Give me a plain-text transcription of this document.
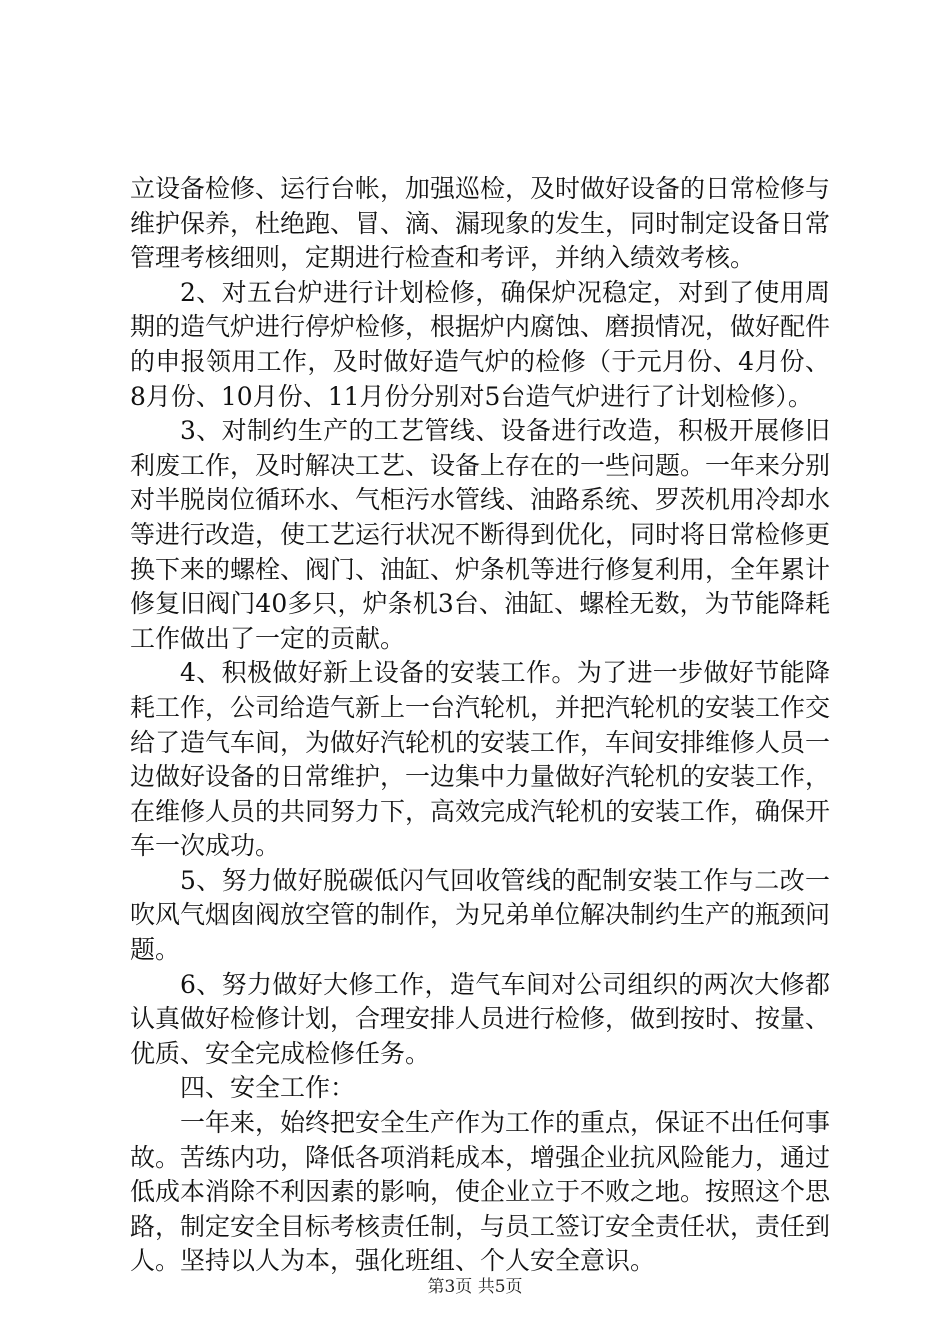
立设备检修、运行台帐，加强巡检，及时做好设备的日常检修与维护保养，杜绝跑、冒、滴、漏现象的发生，同时制定设备日常管理考核细则，定期进行检查和考评，并纳入绩效考核。

2、对五台炉进行计划检修，确保炉况稳定，对到了使用周期的造气炉进行停炉检修，根据炉内腐蚀、磨损情况，做好配件的申报领用工作，及时做好造气炉的检修（于元月份、4月份、8月份、10月份、11月份分别对5台造气炉进行了计划检修）。

3、对制约生产的工艺管线、设备进行改造，积极开展修旧利废工作，及时解决工艺、设备上存在的一些问题。一年来分别对半脱岗位循环水、气柜污水管线、油路系统、罗茨机用冷却水等进行改造，使工艺运行状况不断得到优化，同时将日常检修更换下来的螺栓、阀门、油缸、炉条机等进行修复利用，全年累计修复旧阀门40多只，炉条机3台、油缸、螺栓无数，为节能降耗工作做出了一定的贡献。

4、积极做好新上设备的安装工作。为了进一步做好节能降耗工作，公司给造气新上一台汽轮机，并把汽轮机的安装工作交给了造气车间，为做好汽轮机的安装工作，车间安排维修人员一边做好设备的日常维护，一边集中力量做好汽轮机的安装工作，在维修人员的共同努力下，高效完成汽轮机的安装工作，确保开车一次成功。

5、努力做好脱碳低闪气回收管线的配制安装工作与二改一吹风气烟囱阀放空管的制作，为兄弟单位解决制约生产的瓶颈问题。

6、努力做好大修工作，造气车间对公司组织的两次大修都认真做好检修计划，合理安排人员进行检修，做到按时、按量、优质、安全完成检修任务。

四、安全工作：

一年来，始终把安全生产作为工作的重点，保证不出任何事故。苦练内功，降低各项消耗成本，增强企业抗风险能力，通过低成本消除不利因素的影响，使企业立于不败之地。按照这个思路，制定安全目标考核责任制，与员工签订安全责任状，责任到人。坚持以人为本，强化班组、个人安全意识。

第3页 共5页
